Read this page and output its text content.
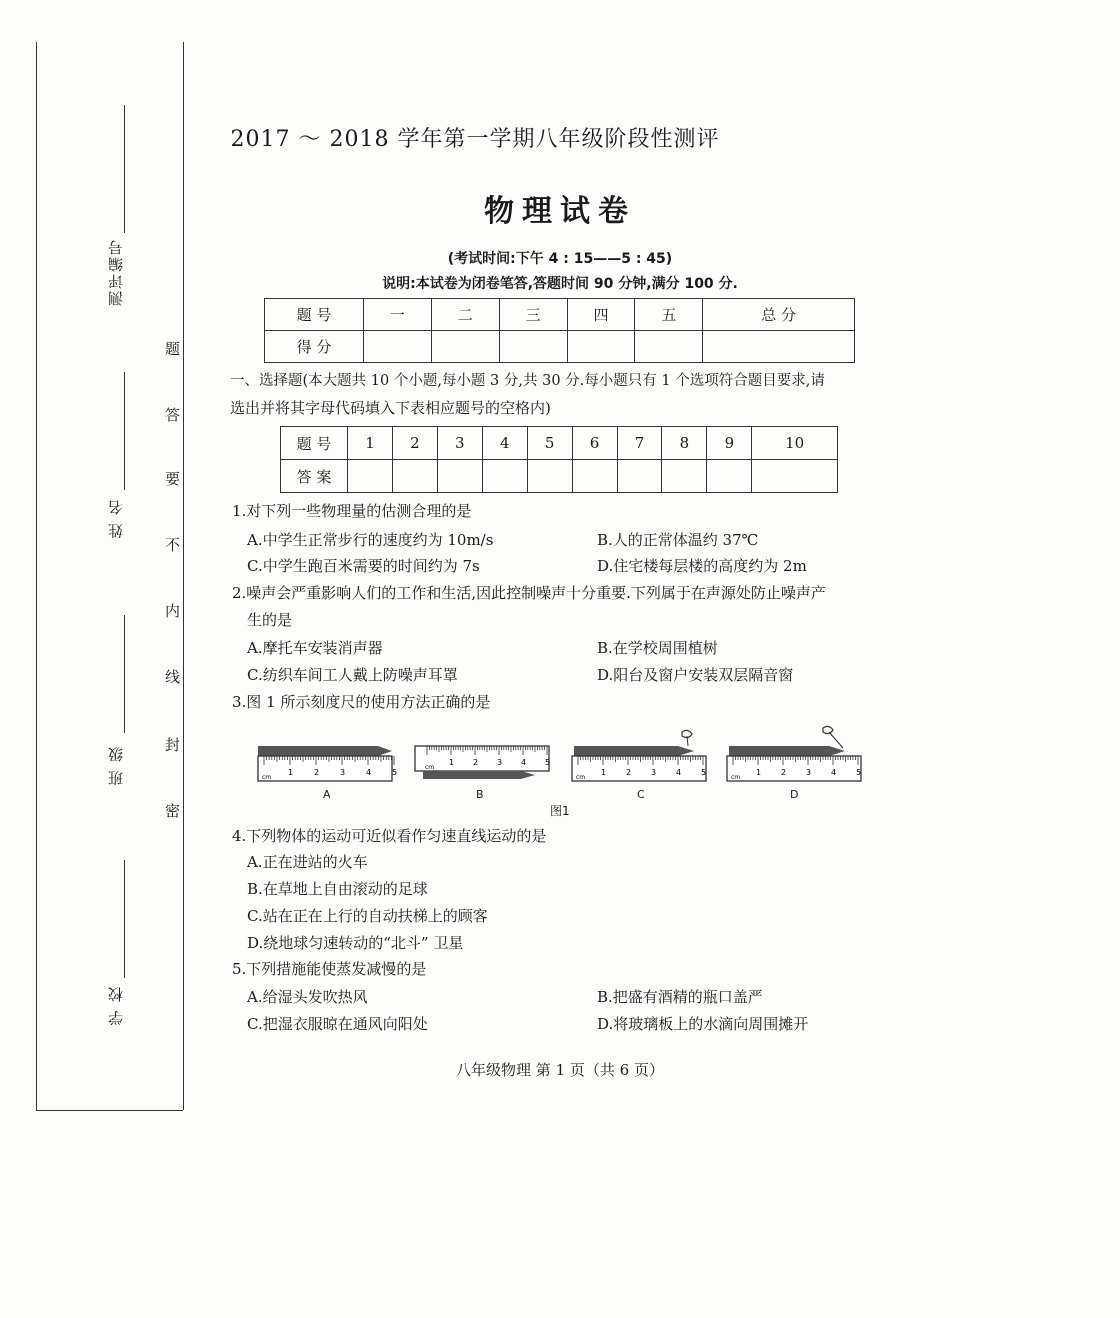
测评编号
姓 名
班 级
学 校
题
答
要
不
内
线
封
密
2017 ～ 2018 学年第一学期八年级阶段性测评
物理试卷
(考试时间:下午 4 : 15——5 : 45)
说明:本试卷为闭卷笔答,答题时间 90 分钟,满分 100 分.
题 号	一	二	三	四	五	总 分
得 分						
一、选择题(本大题共 10 个小题,每小题 3 分,共 30 分.每小题只有 1 个选项符合题目要求,请
选出并将其字母代码填入下表相应题号的空格内)
题 号	1	2	3	4	5	6	7	8	9	10
答 案										
1.对下列一些物理量的估测合理的是
A.中学生正常步行的速度约为 10m/s	B.人的正常体温约 37℃
C.中学生跑百米需要的时间约为 7s	D.住宅楼每层楼的高度约为 2m
2.噪声会严重影响人们的工作和生活,因此控制噪声十分重要.下列属于在声源处防止噪声产
生的是
A.摩托车安装消声器	B.在学校周围植树
C.纺织车间工人戴上防噪声耳罩	D.阳台及窗户安装双层隔音窗
3.图 1 所示刻度尺的使用方法正确的是
1	2	3	4	5
cm
1 2 3 4 5
cm
1 2 3 4 5
cm
1 2 3 4 5
cm
A	B	C	D
图1
4.下列物体的运动可近似看作匀速直线运动的是
A.正在进站的火车
B.在草地上自由滚动的足球
C.站在正在上行的自动扶梯上的顾客
D.绕地球匀速转动的“北斗” 卫星
5.下列措施能使蒸发减慢的是
A.给湿头发吹热风	B.把盛有酒精的瓶口盖严
C.把湿衣服晾在通风向阳处	D.将玻璃板上的水滴向周围摊开
八年级物理 第 1 页（共 6 页）
